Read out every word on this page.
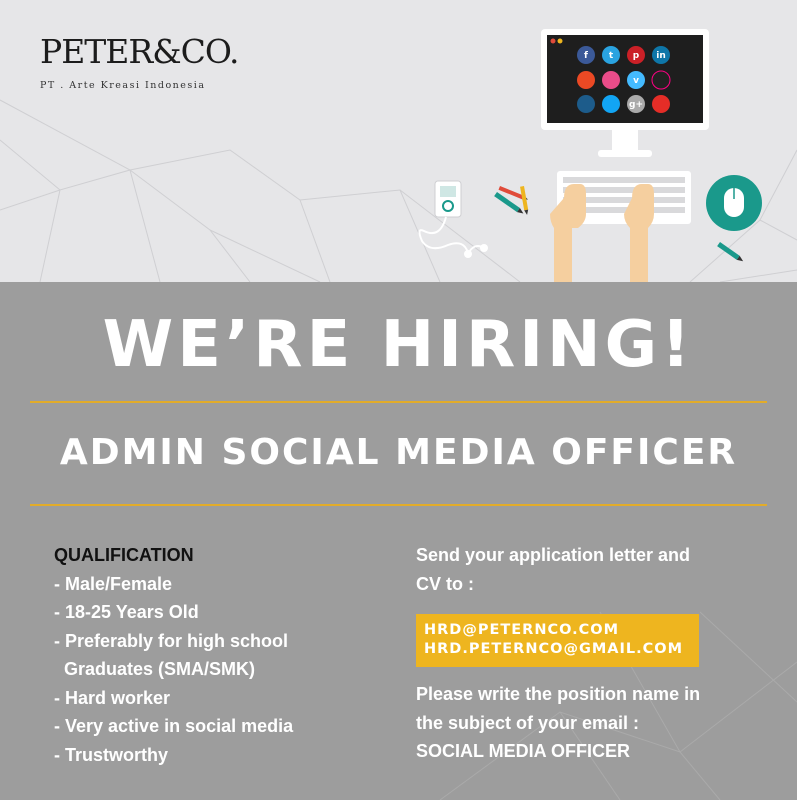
PETER&CO.
PT . Arte Kreasi Indonesia
f t p in
v
g+
WE’RE HIRING!
ADMIN SOCIAL MEDIA OFFICER
QUALIFICATION
- Male/Female
- 18-25 Years Old
- Preferably for high school
Graduates (SMA/SMK)
- Hard worker
- Very active in social media
- Trustworthy
Send your application letter and
CV to :
HRD@PETERNCO.COM
HRD.PETERNCO@GMAIL.COM
Please write the position name in
the subject of your email :
SOCIAL MEDIA OFFICER
